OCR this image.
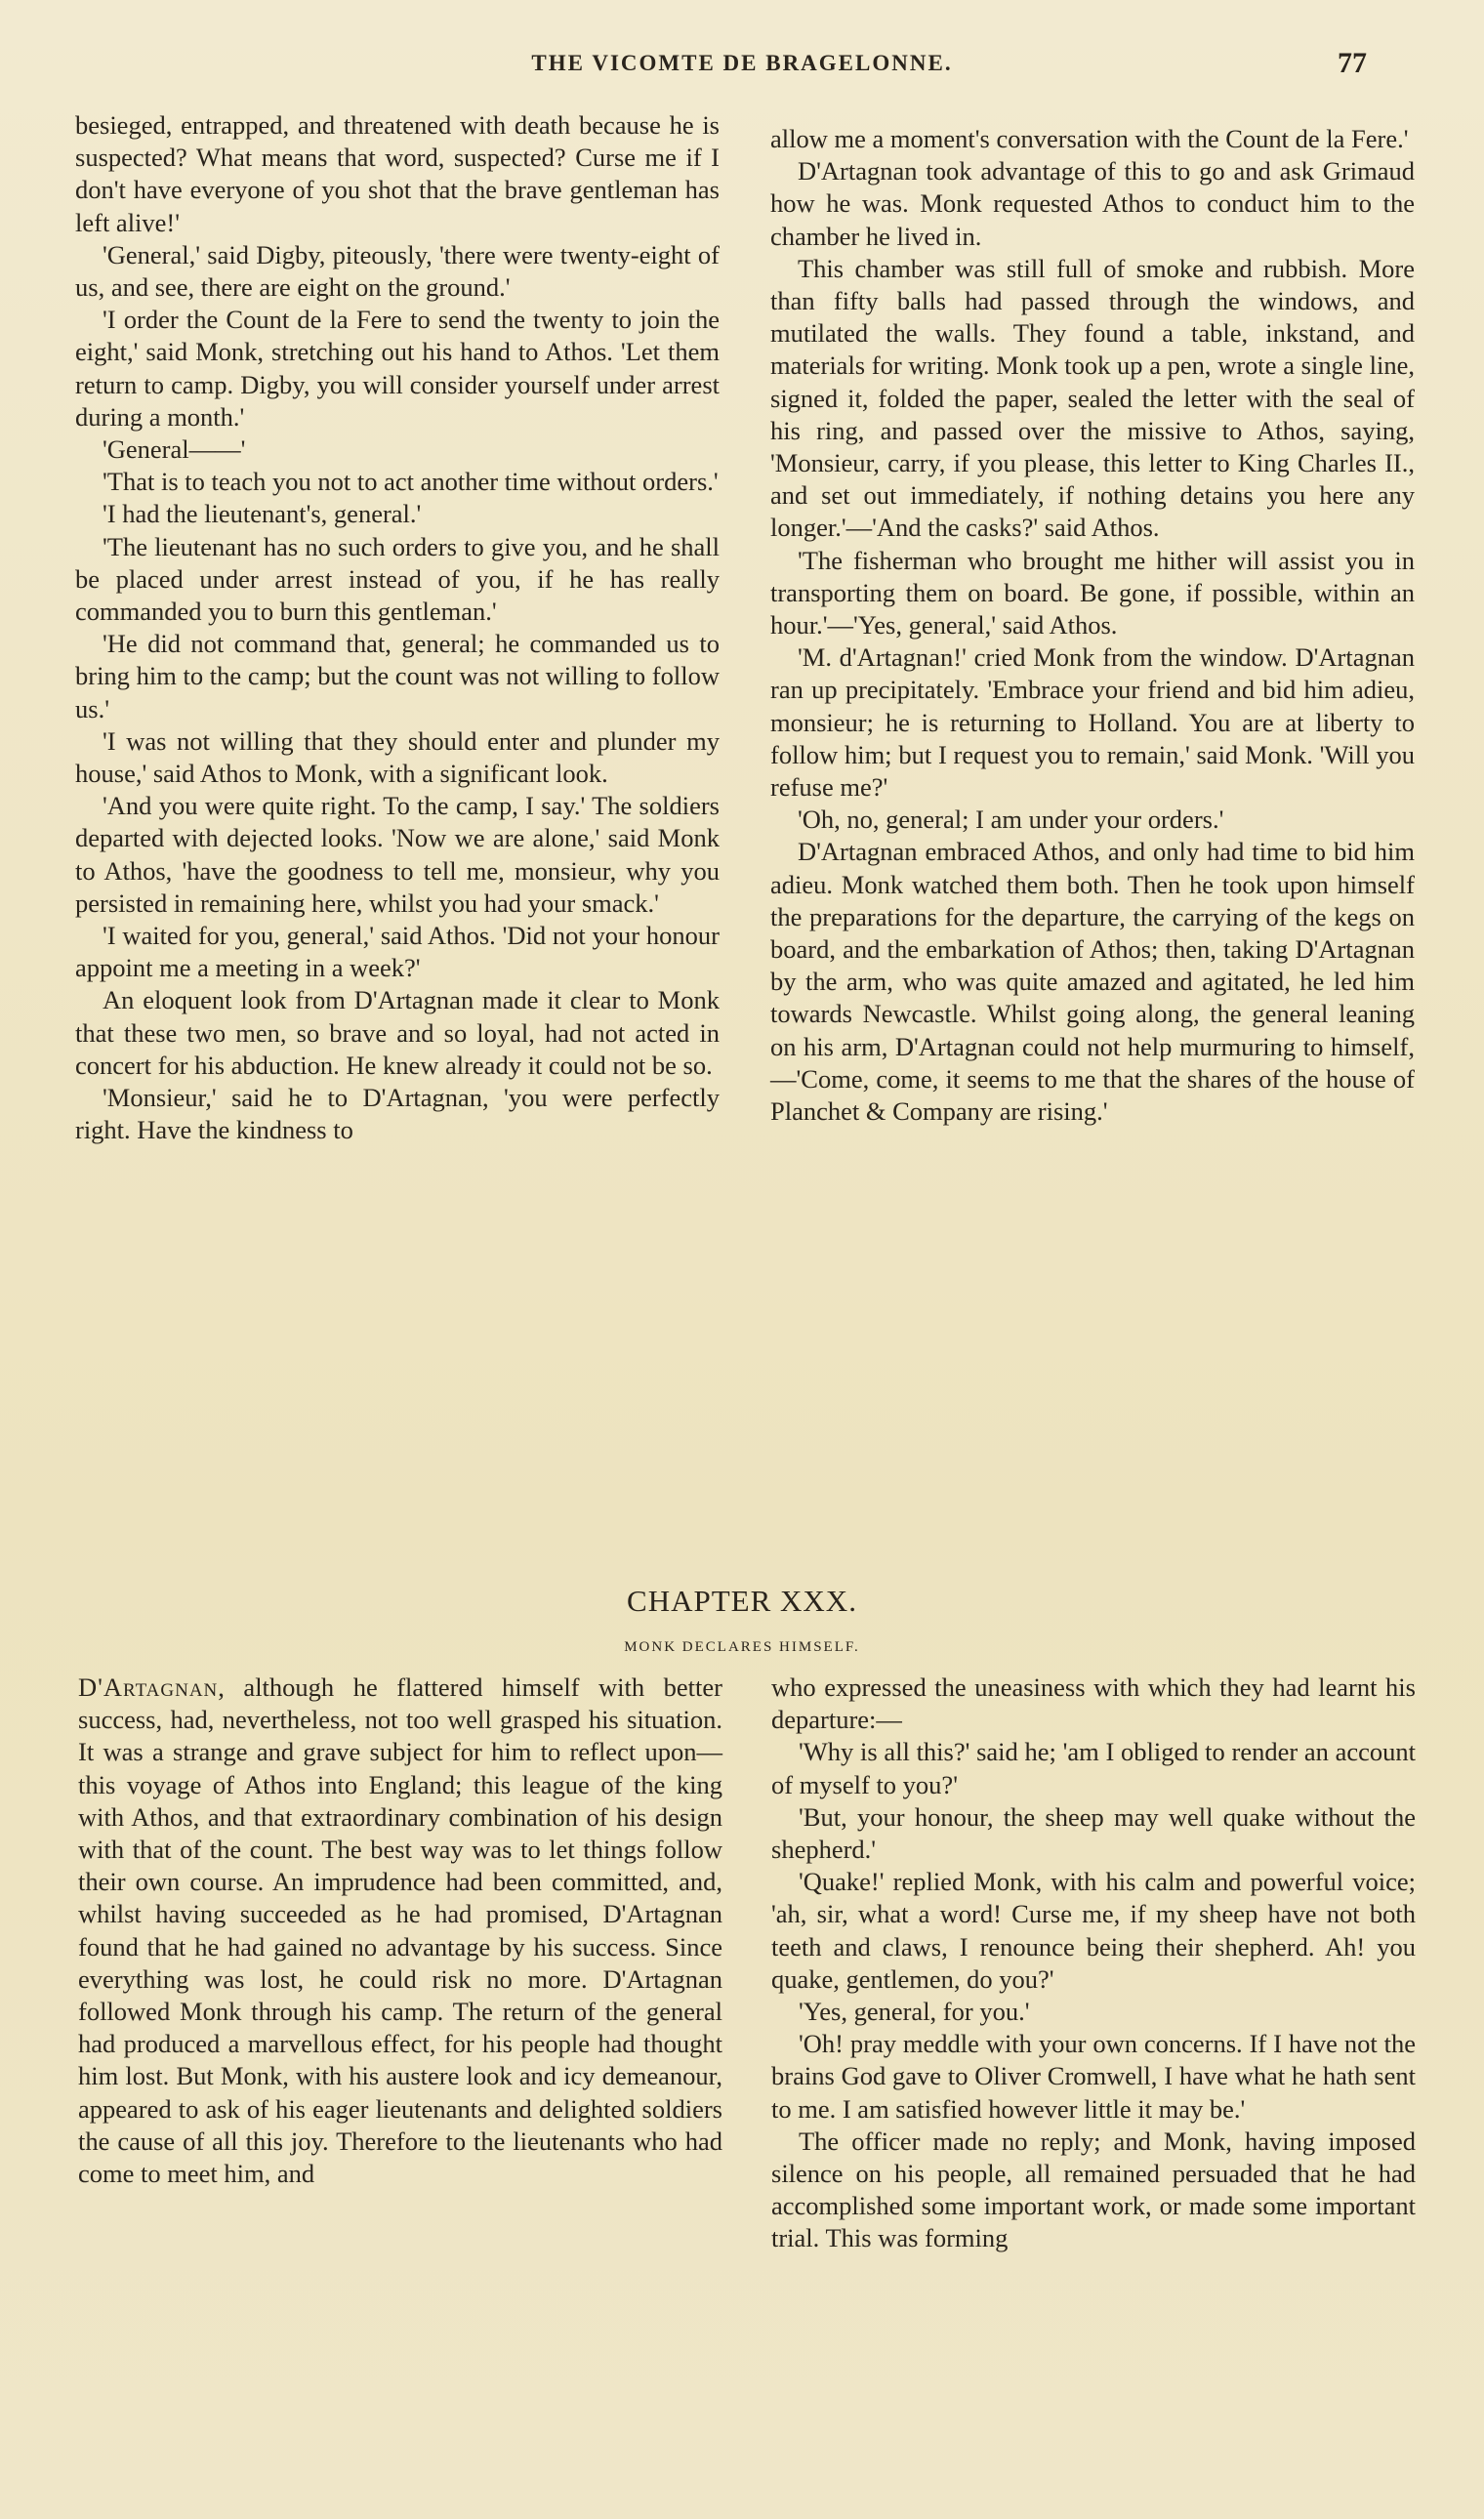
THE VICOMTE DE BRAGELONNE.	77

besieged, entrapped, and threatened with death because he is suspected? What means that word, suspected? Curse me if I don't have everyone of you shot that the brave gentleman has left alive!'

'General,' said Digby, piteously, 'there were twenty-eight of us, and see, there are eight on the ground.'

'I order the Count de la Fere to send the twenty to join the eight,' said Monk, stretching out his hand to Athos. 'Let them return to camp. Digby, you will consider yourself under arrest during a month.'

'General——'

'That is to teach you not to act another time without orders.'

'I had the lieutenant's, general.'

'The lieutenant has no such orders to give you, and he shall be placed under arrest instead of you, if he has really commanded you to burn this gentleman.'

'He did not command that, general; he commanded us to bring him to the camp; but the count was not willing to follow us.'

'I was not willing that they should enter and plunder my house,' said Athos to Monk, with a significant look.

'And you were quite right. To the camp, I say.' The soldiers departed with dejected looks. 'Now we are alone,' said Monk to Athos, 'have the goodness to tell me, monsieur, why you persisted in remaining here, whilst you had your smack.'

'I waited for you, general,' said Athos. 'Did not your honour appoint me a meeting in a week?'

An eloquent look from D'Artagnan made it clear to Monk that these two men, so brave and so loyal, had not acted in concert for his abduction. He knew already it could not be so.

'Monsieur,' said he to D'Artagnan, 'you were perfectly right. Have the kindness to

allow me a moment's conversation with the Count de la Fere.'

D'Artagnan took advantage of this to go and ask Grimaud how he was. Monk requested Athos to conduct him to the chamber he lived in.

This chamber was still full of smoke and rubbish. More than fifty balls had passed through the windows, and mutilated the walls. They found a table, inkstand, and materials for writing. Monk took up a pen, wrote a single line, signed it, folded the paper, sealed the letter with the seal of his ring, and passed over the missive to Athos, saying, 'Monsieur, carry, if you please, this letter to King Charles II., and set out immediately, if nothing detains you here any longer.'—'And the casks?' said Athos.

'The fisherman who brought me hither will assist you in transporting them on board. Be gone, if possible, within an hour.'—'Yes, general,' said Athos.

'M. d'Artagnan!' cried Monk from the window. D'Artagnan ran up precipitately. 'Embrace your friend and bid him adieu, monsieur; he is returning to Holland. You are at liberty to follow him; but I request you to remain,' said Monk. 'Will you refuse me?'

'Oh, no, general; I am under your orders.'

D'Artagnan embraced Athos, and only had time to bid him adieu. Monk watched them both. Then he took upon himself the preparations for the departure, the carrying of the kegs on board, and the embarkation of Athos; then, taking D'Artagnan by the arm, who was quite amazed and agitated, he led him towards Newcastle. Whilst going along, the general leaning on his arm, D'Artagnan could not help murmuring to himself,—'Come, come, it seems to me that the shares of the house of Planchet & Company are rising.'

CHAPTER XXX.
MONK DECLARES HIMSELF.

D'Artagnan, although he flattered himself with better success, had, nevertheless, not too well grasped his situation. It was a strange and grave subject for him to reflect upon—this voyage of Athos into England; this league of the king with Athos, and that extraordinary combination of his design with that of the count. The best way was to let things follow their own course. An imprudence had been committed, and, whilst having succeeded as he had promised, D'Artagnan found that he had gained no advantage by his success. Since everything was lost, he could risk no more. D'Artagnan followed Monk through his camp. The return of the general had produced a marvellous effect, for his people had thought him lost. But Monk, with his austere look and icy demeanour, appeared to ask of his eager lieutenants and delighted soldiers the cause of all this joy. Therefore to the lieutenants who had come to meet him, and

who expressed the uneasiness with which they had learnt his departure:—

'Why is all this?' said he; 'am I obliged to render an account of myself to you?'

'But, your honour, the sheep may well quake without the shepherd.'

'Quake!' replied Monk, with his calm and powerful voice; 'ah, sir, what a word! Curse me, if my sheep have not both teeth and claws, I renounce being their shepherd. Ah! you quake, gentlemen, do you?'

'Yes, general, for you.'

'Oh! pray meddle with your own concerns. If I have not the brains God gave to Oliver Cromwell, I have what he hath sent to me. I am satisfied however little it may be.'

The officer made no reply; and Monk, having imposed silence on his people, all remained persuaded that he had accomplished some important work, or made some important trial. This was forming
